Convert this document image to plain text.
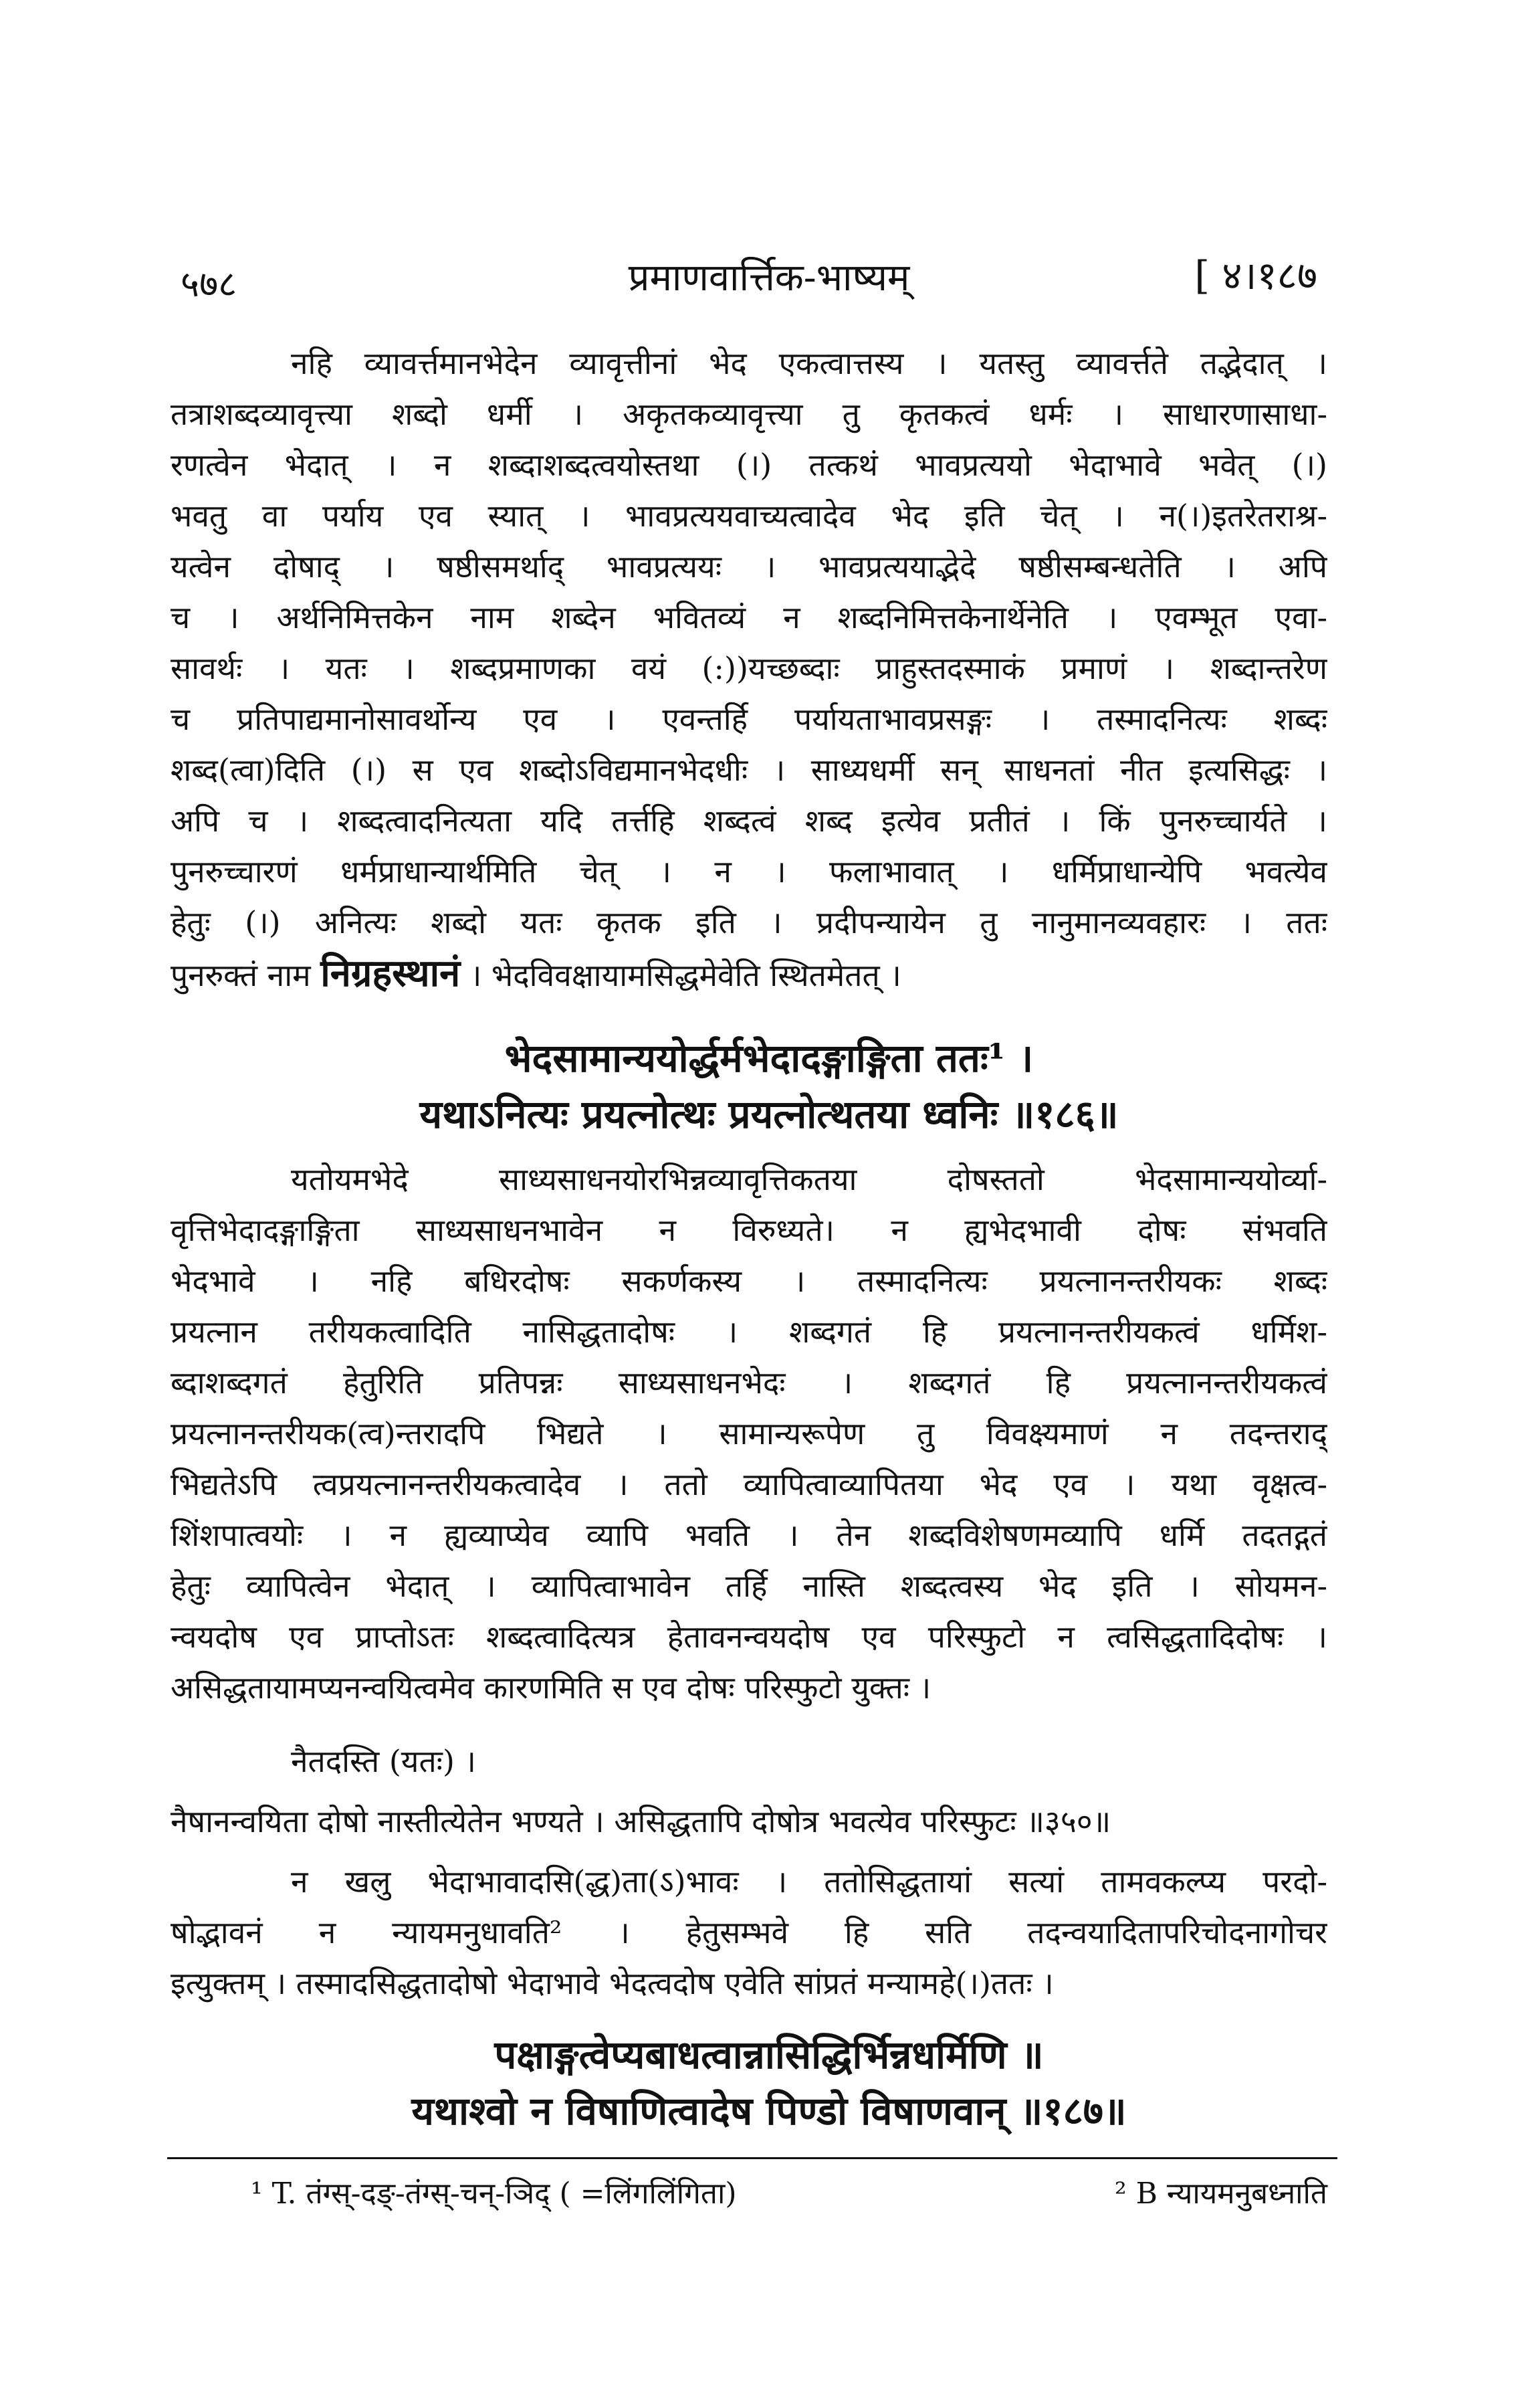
५७८	प्रमाणवार्त्तिक-भाष्यम्	[ ४।१८७

नहि व्यावर्त्तमानभेदेन व्यावृत्तीनां भेद एकत्वात्तस्य । यतस्तु व्यावर्त्तते तद्भेदात् ।

तत्राशब्दव्यावृत्त्या शब्दो धर्मी । अकृतकव्यावृत्त्या तु कृतकत्वं धर्मः । साधारणासाधा-

रणत्वेन भेदात् । न शब्दाशब्दत्वयोस्तथा (।) तत्कथं भावप्रत्ययो भेदाभावे भवेत् (।)

भवतु वा पर्याय एव स्यात् । भावप्रत्ययवाच्यत्वादेव भेद इति चेत् । न(।)इतरेतराश्र-

यत्वेन दोषाद् । षष्ठीसमर्थाद् भावप्रत्ययः । भावप्रत्ययाद्भेदे षष्ठीसम्बन्धतेति । अपि

च । अर्थनिमित्तकेन नाम शब्देन भवितव्यं न शब्दनिमित्तकेनार्थेनेति । एवम्भूत एवा-

सावर्थः । यतः । शब्दप्रमाणका वयं (:))यच्छब्दाः प्राहुस्तदस्माकं प्रमाणं । शब्दान्तरेण

च प्रतिपाद्यमानोसावर्थोन्य एव । एवन्तर्हि पर्यायताभावप्रसङ्गः । तस्मादनित्यः शब्दः

शब्द(त्वा)दिति (।) स एव शब्दोऽविद्यमानभेदधीः । साध्यधर्मी सन् साधनतां नीत इत्यसिद्धः ।

अपि च । शब्दत्वादनित्यता यदि तर्त्तहि शब्दत्वं शब्द इत्येव प्रतीतं । किं पुनरुच्चार्यते ।

पुनरुच्चारणं धर्मप्राधान्यार्थमिति चेत् । न । फलाभावात् । धर्मिप्राधान्येपि भवत्येव

हेतुः (।) अनित्यः शब्दो यतः कृतक इति । प्रदीपन्यायेन तु नानुमानव्यवहारः । ततः

पुनरुक्तं नाम निग्रहस्थानं । भेदविवक्षायामसिद्धमेवेति स्थितमेतत् ।

भेदसामान्ययोर्द्धर्मभेदादङ्गाङ्गिता ततः¹ ।

यथाऽनित्यः प्रयत्नोत्थः प्रयत्नोत्थतया ध्वनिः ॥१८६॥

यतोयमभेदे साध्यसाधनयोरभिन्नव्यावृत्तिकतया दोषस्ततो भेदसामान्ययोर्व्या-

वृत्तिभेदादङ्गाङ्गिता साध्यसाधनभावेन न विरुध्यते। न ह्यभेदभावी दोषः संभवति

भेदभावे । नहि बधिरदोषः सकर्णकस्य । तस्मादनित्यः प्रयत्नानन्तरीयकः शब्दः

प्रयत्नान तरीयकत्वादिति नासिद्धतादोषः । शब्दगतं हि प्रयत्नानन्तरीयकत्वं धर्मिश-

ब्दाशब्दगतं हेतुरिति प्रतिपन्नः साध्यसाधनभेदः । शब्दगतं हि प्रयत्नानन्तरीयकत्वं

प्रयत्नानन्तरीयक(त्व)न्तरादपि भिद्यते । सामान्यरूपेण तु विवक्ष्यमाणं न तदन्तराद्

भिद्यतेऽपि त्वप्रयत्नानन्तरीयकत्वादेव । ततो व्यापित्वाव्यापितया भेद एव । यथा वृक्षत्व-

शिंशपात्वयोः । न ह्यव्याप्येव व्यापि भवति । तेन शब्दविशेषणमव्यापि धर्मि तदतद्गतं

हेतुः व्यापित्वेन भेदात् । व्यापित्वाभावेन तर्हि नास्ति शब्दत्वस्य भेद इति । सोयमन-

न्वयदोष एव प्राप्तोऽतः शब्दत्वादित्यत्र हेतावनन्वयदोष एव परिस्फुटो न त्वसिद्धतादिदोषः ।

असिद्धतायामप्यनन्वयित्वमेव कारणमिति स एव दोषः परिस्फुटो युक्तः ।

नैतदस्ति (यतः) ।

नैषानन्वयिता दोषो नास्तीत्येतेन भण्यते । असिद्धतापि दोषोत्र भवत्येव परिस्फुटः ॥३५०॥

न खलु भेदाभावादसि(द्ध)ता(ऽ)भावः । ततोसिद्धतायां सत्यां तामवकल्प्य परदो-

षोद्भावनं न न्यायमनुधावति² । हेतुसम्भवे हि सति तदन्वयादितापरिचोदनागोचर

इत्युक्तम् । तस्मादसिद्धतादोषो भेदाभावे भेदत्वदोष एवेति सांप्रतं मन्यामहे(।)ततः ।

पक्षाङ्गत्वेप्यबाधत्वान्नासिद्धिर्भिन्नधर्मिणि ॥

यथाश्वो न विषाणित्वादेष पिण्डो विषाणवान् ॥१८७॥

¹ T. तंग्स्-दङ्-तंग्स्-चन्-ञिद् ( =लिंगलिंगिता)	² B न्यायमनुबध्नाति
